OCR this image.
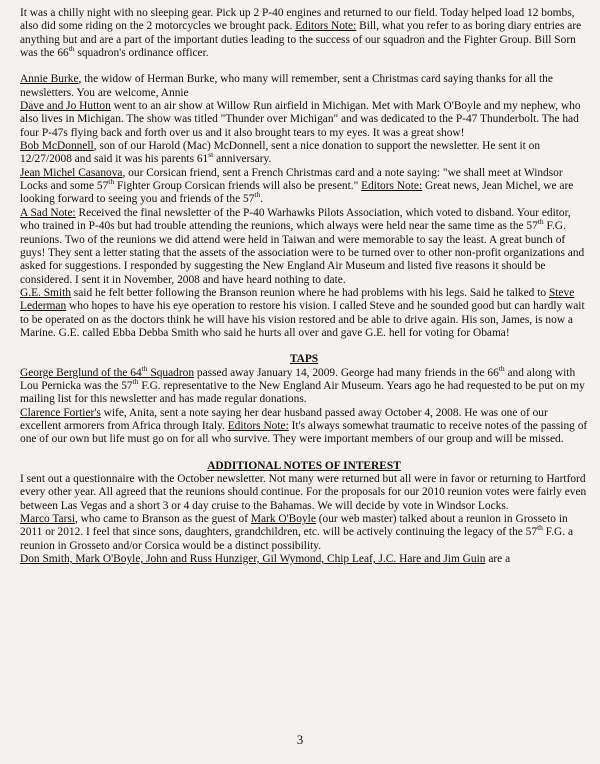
It was a chilly night with no sleeping gear. Pick up 2 P-40 engines and returned to our field. Today helped load 12 bombs, also did some riding on the 2 motorcycles we brought pack. Editors Note: Bill, what you refer to as boring diary entries are anything but and are a part of the important duties leading to the success of our squadron and the Fighter Group. Bill Sorn was the 66th squadron's ordinance officer.

Annie Burke, the widow of Herman Burke, who many will remember, sent a Christmas card saying thanks for all the newsletters. You are welcome, Annie

Dave and Jo Hutton went to an air show at Willow Run airfield in Michigan. Met with Mark O'Boyle and my nephew, who also lives in Michigan. The show was titled "Thunder over Michigan" and was dedicated to the P-47 Thunderbolt. The had four P-47s flying back and forth over us and it also brought tears to my eyes. It was a great show!

Bob McDonnell, son of our Harold (Mac) McDonnell, sent a nice donation to support the newsletter. He sent it on 12/27/2008 and said it was his parents 61st anniversary.

Jean Michel Casanova, our Corsican friend, sent a French Christmas card and a note saying: "we shall meet at Windsor Locks and some 57th Fighter Group Corsican friends will also be present." Editors Note: Great news, Jean Michel, we are looking forward to seeing you and friends of the 57th.

A Sad Note: Received the final newsletter of the P-40 Warhawks Pilots Association, which voted to disband. Your editor, who trained in P-40s but had trouble attending the reunions, which always were held near the same time as the 57th F.G. reunions. Two of the reunions we did attend were held in Taiwan and were memorable to say the least. A great bunch of guys! They sent a letter stating that the assets of the association were to be turned over to other non-profit organizations and asked for suggestions. I responded by suggesting the New England Air Museum and listed five reasons it should be considered. I sent it in November, 2008 and have heard nothing to date.

G.E. Smith said he felt better following the Branson reunion where he had problems with his legs. Said he talked to Steve Lederman who hopes to have his eye operation to restore his vision. I called Steve and he sounded good but can hardly wait to be operated on as the doctors think he will have his vision restored and be able to drive again. His son, James, is now a Marine. G.E. called Ebba Debba Smith who said he hurts all over and gave G.E. hell for voting for Obama!

TAPS

George Berglund of the 64th Squadron passed away January 14, 2009. George had many friends in the 66th and along with Lou Pernicka was the 57th F.G. representative to the New England Air Museum. Years ago he had requested to be put on my mailing list for this newsletter and has made regular donations.

Clarence Fortier's wife, Anita, sent a note saying her dear husband passed away October 4, 2008. He was one of our excellent armorers from Africa through Italy. Editors Note: It's always somewhat traumatic to receive notes of the passing of one of our own but life must go on for all who survive. They were important members of our group and will be missed.

ADDITIONAL NOTES OF INTEREST

I sent out a questionnaire with the October newsletter. Not many were returned but all were in favor or returning to Hartford every other year. All agreed that the reunions should continue. For the proposals for our 2010 reunion votes were fairly even between Las Vegas and a short 3 or 4 day cruise to the Bahamas. We will decide by vote in Windsor Locks.

Marco Tarsi, who came to Branson as the guest of Mark O'Boyle (our web master) talked about a reunion in Grosseto in 2011 or 2012. I feel that since sons, daughters, grandchildren, etc. will be actively continuing the legacy of the 57th F.G. a reunion in Grosseto and/or Corsica would be a distinct possibility.

Don Smith, Mark O'Boyle, John and Russ Hunziger, Gil Wymond, Chip Leaf, J.C. Hare and Jim Guin are a

3
